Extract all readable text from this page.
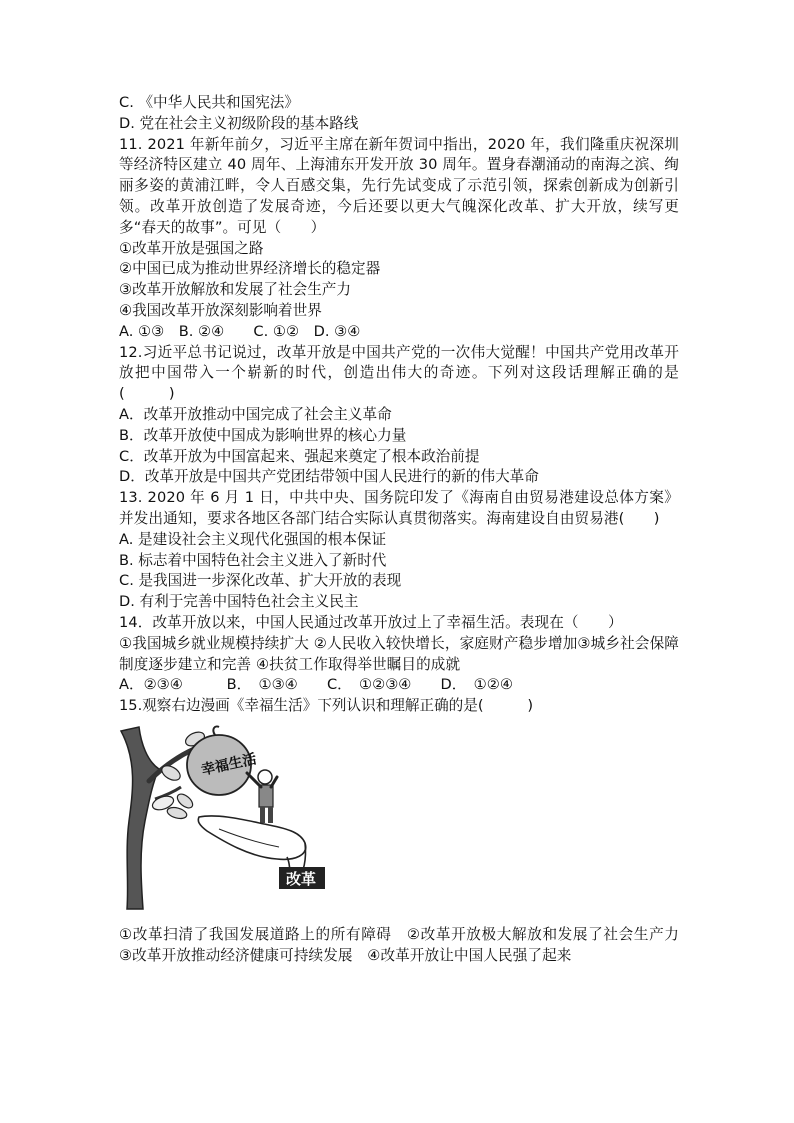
C. 《中华人民共和国宪法》
D. 党在社会主义初级阶段的基本路线
11. 2021 年新年前夕，习近平主席在新年贺词中指出，2020 年，我们隆重庆祝深圳等经济特区建立 40 周年、上海浦东开发开放 30 周年。置身春潮涌动的南海之滨、绚丽多姿的黄浦江畔，令人百感交集，先行先试变成了示范引领，探索创新成为创新引领。改革开放创造了发展奇迹，今后还要以更大气魄深化改革、扩大开放，续写更多“春天的故事”。可见（　　）
①改革开放是强国之路
②中国已成为推动世界经济增长的稳定器
③改革开放解放和发展了社会生产力
④我国改革开放深刻影响着世界
A. ①③　B. ②④　　C. ①②　D. ③④
12.习近平总书记说过，改革开放是中国共产党的一次伟大觉醒！中国共产党用改革开放把中国带入一个崭新的时代，创造出伟大的奇迹。下列对这段话理解正确的是(　　　)
A．改革开放推动中国完成了社会主义革命
B．改革开放使中国成为影响世界的核心力量
C．改革开放为中国富起来、强起来奠定了根本政治前提
D．改革开放是中国共产党团结带领中国人民进行的新的伟大革命
13. 2020 年 6 月 1 日，中共中央、国务院印发了《海南自由贸易港建设总体方案》并发出通知，要求各地区各部门结合实际认真贯彻落实。海南建设自由贸易港(　　)
A. 是建设社会主义现代化强国的根本保证
B. 标志着中国特色社会主义进入了新时代
C. 是我国进一步深化改革、扩大开放的表现
D. 有利于完善中国特色社会主义民主
14．改革开放以来，中国人民通过改革开放过上了幸福生活。表现在（　　）
①我国城乡就业规模持续扩大 ②人民收入较快增长，家庭财产稳步增加③城乡社会保障制度逐步建立和完善 ④扶贫工作取得举世瞩目的成就
A．②③④　　　B．　①③④　　C．　①②③④　　D．　①②④
15.观察右边漫画《幸福生活》下列认识和理解正确的是(　　　)
幸福生活
改革
①改革扫清了我国发展道路上的所有障碍　②改革开放极大解放和发展了社会生产力　③改革开放推动经济健康可持续发展　④改革开放让中国人民强了起来
